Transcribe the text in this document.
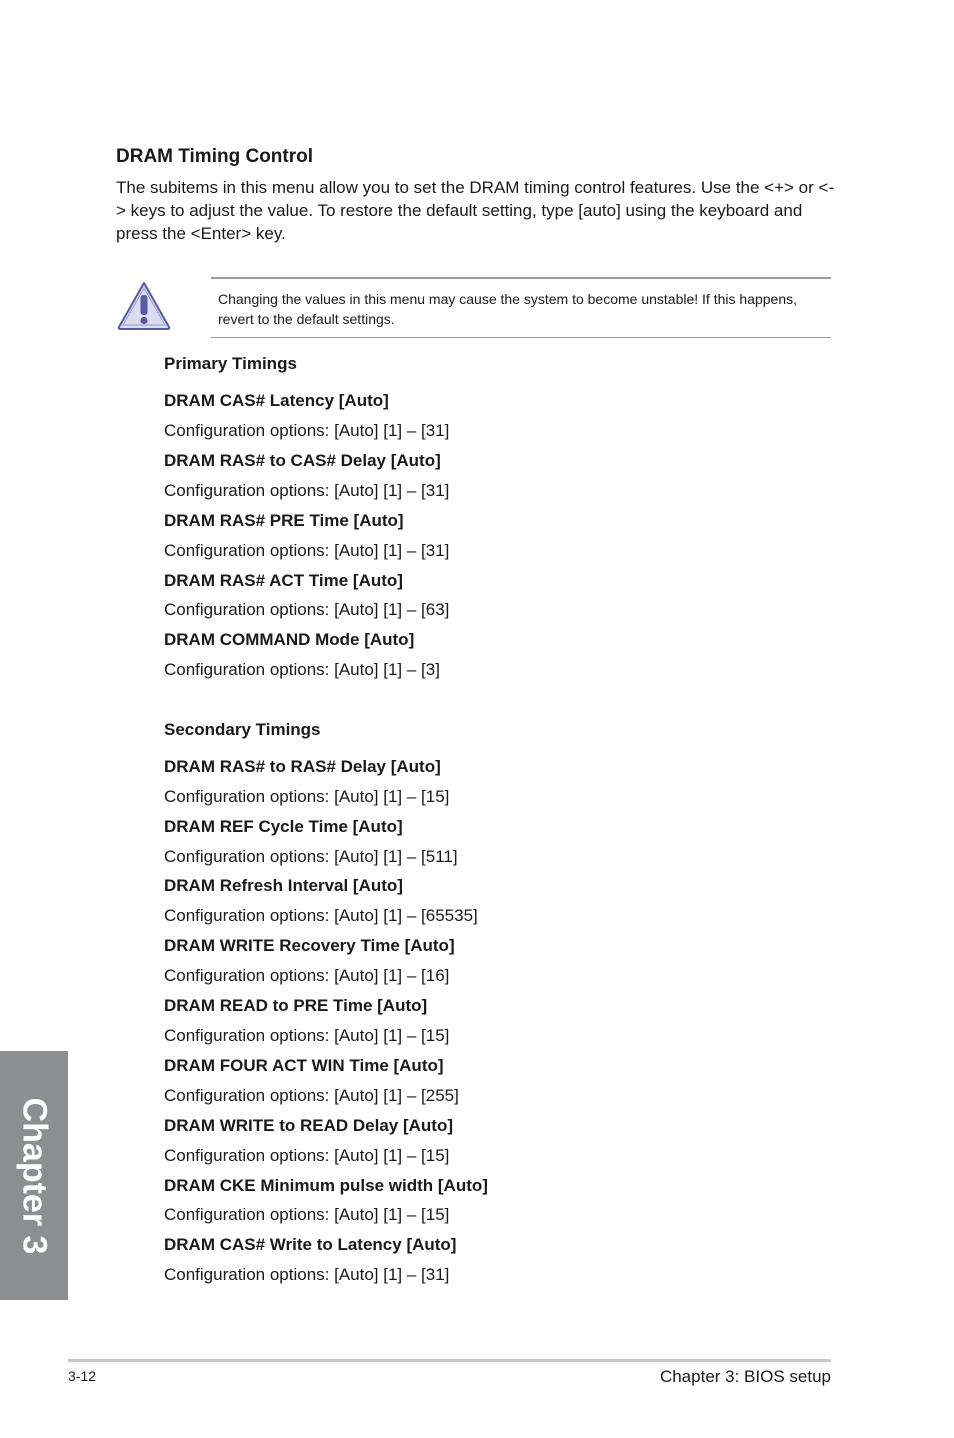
DRAM Timing Control

The subitems in this menu allow you to set the DRAM timing control features. Use the <+> or <-> keys to adjust the value. To restore the default setting, type [auto] using the keyboard and press the <Enter> key.

Changing the values in this menu may cause the system to become unstable! If this happens, revert to the default settings.

Primary Timings
DRAM CAS# Latency [Auto]
Configuration options: [Auto] [1] – [31]
DRAM RAS# to CAS# Delay [Auto]
Configuration options: [Auto] [1] – [31]
DRAM RAS# PRE Time [Auto]
Configuration options: [Auto] [1] – [31]
DRAM RAS# ACT Time [Auto]
Configuration options: [Auto] [1] – [63]
DRAM COMMAND Mode [Auto]
Configuration options: [Auto] [1] – [3]
Secondary Timings
DRAM RAS# to RAS# Delay [Auto]
Configuration options: [Auto] [1] – [15]
DRAM REF Cycle Time [Auto]
Configuration options: [Auto] [1] – [511]
DRAM Refresh Interval [Auto]
Configuration options: [Auto] [1] – [65535]
DRAM WRITE Recovery Time [Auto]
Configuration options: [Auto] [1] – [16]
DRAM READ to PRE Time [Auto]
Configuration options: [Auto] [1] – [15]
DRAM FOUR ACT WIN Time [Auto]
Configuration options: [Auto] [1] – [255]
DRAM WRITE to READ Delay [Auto]
Configuration options: [Auto] [1] – [15]
DRAM CKE Minimum pulse width [Auto]
Configuration options: [Auto] [1] – [15]
DRAM CAS# Write to Latency [Auto]
Configuration options: [Auto] [1] – [31]
Chapter 3
3-12	Chapter 3: BIOS setup
